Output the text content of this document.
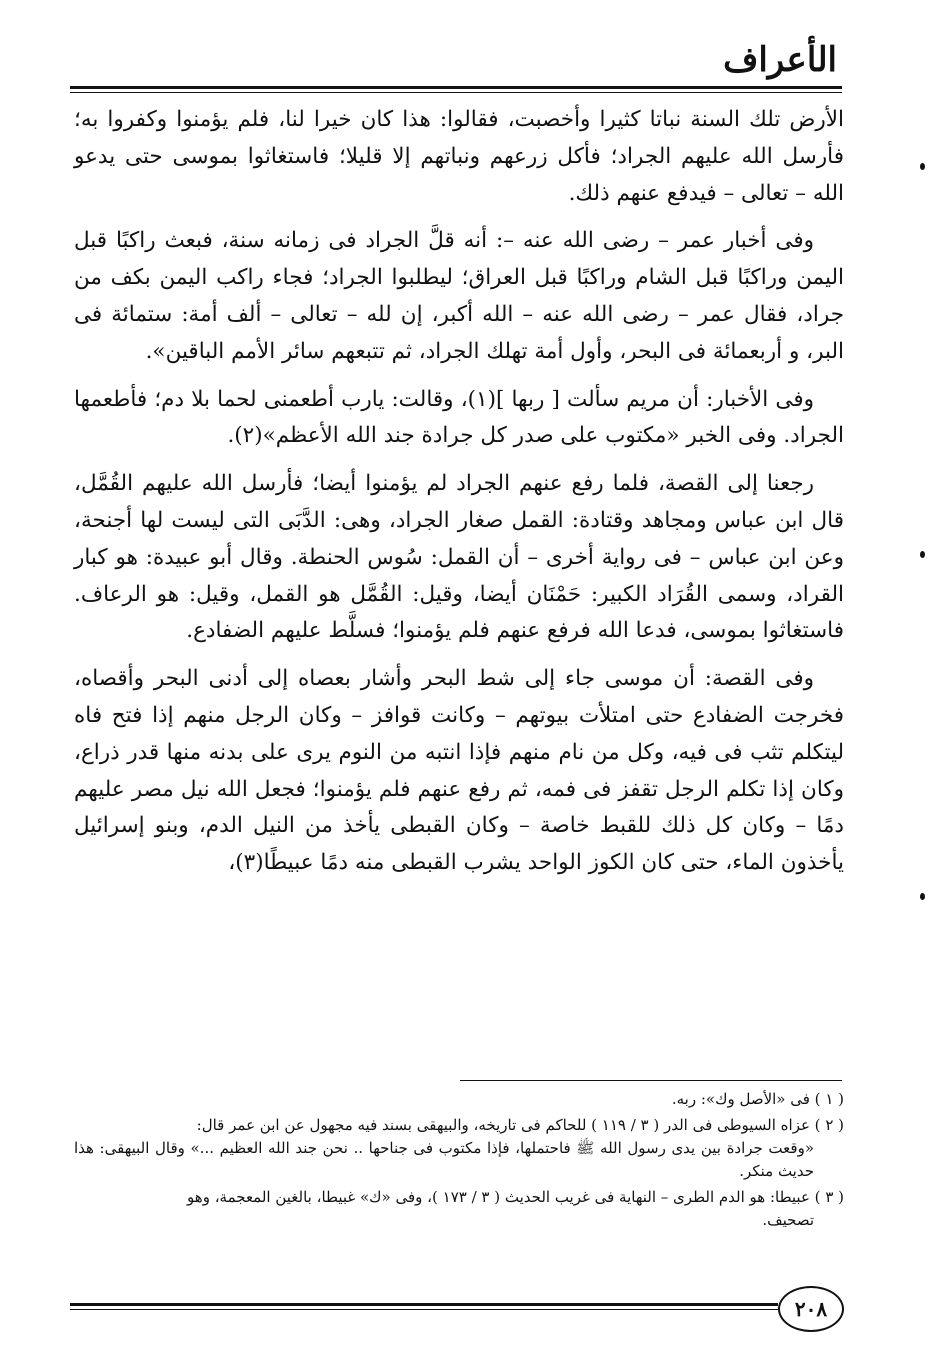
الأعراف

الأرض تلك السنة نباتا كثيرا وأخصبت، فقالوا: هذا كان خيرا لنا، فلم يؤمنوا وكفروا به؛ فأرسل الله عليهم الجراد؛ فأكل زرعهم ونباتهم إلا قليلا؛ فاستغاثوا بموسى حتى يدعو الله – تعالى – فيدفع عنهم ذلك.

وفى أخبار عمر – رضى الله عنه –: أنه قلَّ الجراد فى زمانه سنة، فبعث راكبًا قبل اليمن وراكبًا قبل الشام وراكبًا قبل العراق؛ ليطلبوا الجراد؛ فجاء راكب اليمن بكف من جراد، فقال عمر – رضى الله عنه – الله أكبر، إن لله – تعالى – ألف أمة: ستمائة فى البر، و أربعمائة فى البحر، وأول أمة تهلك الجراد، ثم تتبعهم سائر الأمم الباقين».

وفى الأخبار: أن مريم سألت [ ربها ](١)، وقالت: يارب أطعمنى لحما بلا دم؛ فأطعمها الجراد. وفى الخبر «مكتوب على صدر كل جرادة جند الله الأعظم»(٢).

رجعنا إلى القصة، فلما رفع عنهم الجراد لم يؤمنوا أيضا؛ فأرسل الله عليهم القُمَّل، قال ابن عباس ومجاهد وقتادة: القمل صغار الجراد، وهى: الدَّبَى التى ليست لها أجنحة، وعن ابن عباس – فى رواية أخرى – أن القمل: سُوس الحنطة. وقال أبو عبيدة: هو كبار القراد، وسمى القُرَاد الكبير: حَمْنَان أيضا، وقيل: القُمَّل هو القمل، وقيل: هو الرعاف. فاستغاثوا بموسى، فدعا الله فرفع عنهم فلم يؤمنوا؛ فسلَّط عليهم الضفادع.

وفى القصة: أن موسى جاء إلى شط البحر وأشار بعصاه إلى أدنى البحر وأقصاه، فخرجت الضفادع حتى امتلأت بيوتهم – وكانت قوافز – وكان الرجل منهم إذا فتح فاه ليتكلم تثب فى فيه، وكل من نام منهم فإذا انتبه من النوم يرى على بدنه منها قدر ذراع، وكان إذا تكلم الرجل تقفز فى فمه، ثم رفع عنهم فلم يؤمنوا؛ فجعل الله نيل مصر عليهم دمًا – وكان كل ذلك للقبط خاصة – وكان القبطى يأخذ من النيل الدم، وبنو إسرائيل يأخذون الماء، حتى كان الكوز الواحد يشرب القبطى منه دمًا عبيطًا(٣)،

( ١ ) فى «الأصل وك»: ربه.
( ٢ ) عزاه السيوطى فى الدر ( ٣ / ١١٩ ) للحاكم فى تاريخه، والبيهقى بسند فيه مجهول عن ابن عمر قال:
«وقعت جرادة بين يدى رسول الله ﷺ فاحتملها، فإذا مكتوب فى جناحها .. نحن جند الله العظيم ...» وقال البيهقى: هذا حديث منكر.
( ٣ ) عبيطا: هو الدم الطرى – النهاية فى غريب الحديث ( ٣ / ١٧٣ )، وفى «ك» غبيطا، بالغين المعجمة، وهو
تصحيف.
٢٠٨
